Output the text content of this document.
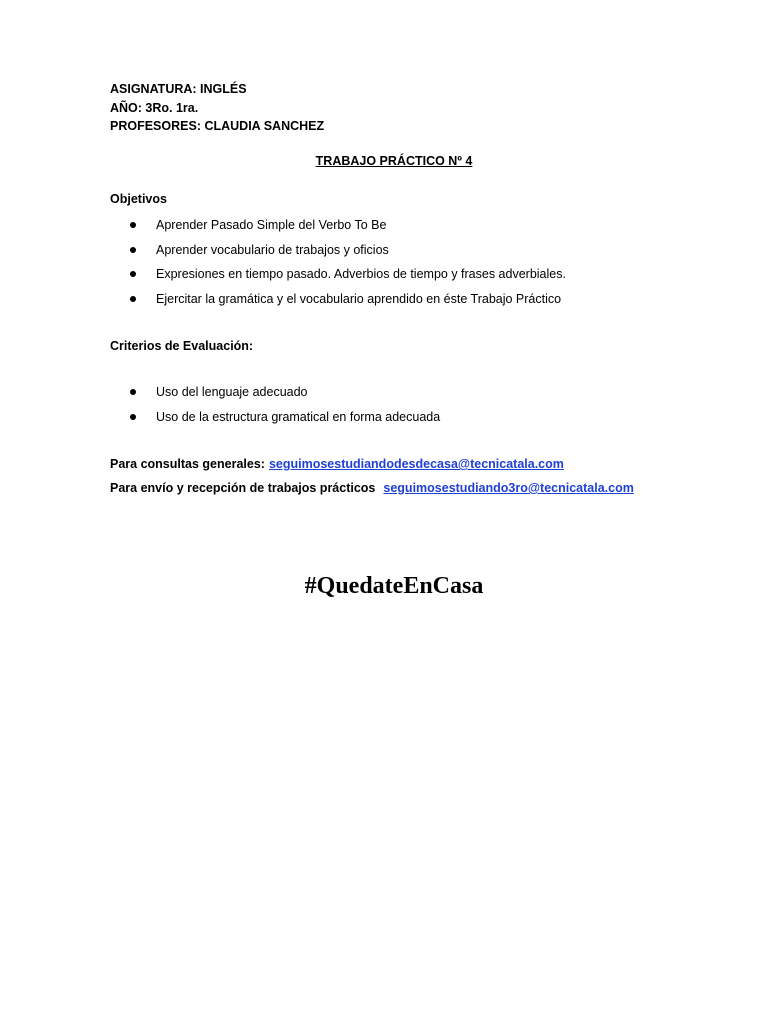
ASIGNATURA: INGLÉS
AÑO: 3Ro. 1ra.
PROFESORES: CLAUDIA SANCHEZ
TRABAJO PRÁCTICO Nº 4
Objetivos
Aprender Pasado Simple del Verbo To Be
Aprender vocabulario de trabajos y oficios
Expresiones en tiempo pasado. Adverbios de tiempo y frases adverbiales.
Ejercitar la gramática y el vocabulario aprendido en éste Trabajo Práctico
Criterios de Evaluación:
Uso del lenguaje adecuado
Uso de la estructura gramatical en forma adecuada
Para consultas generales: seguimosestudiandodesdecasa@tecnicatala.com
Para envío y recepción de trabajos prácticos seguimosestudiando3ro@tecnicatala.com
#QuedateEnCasa
